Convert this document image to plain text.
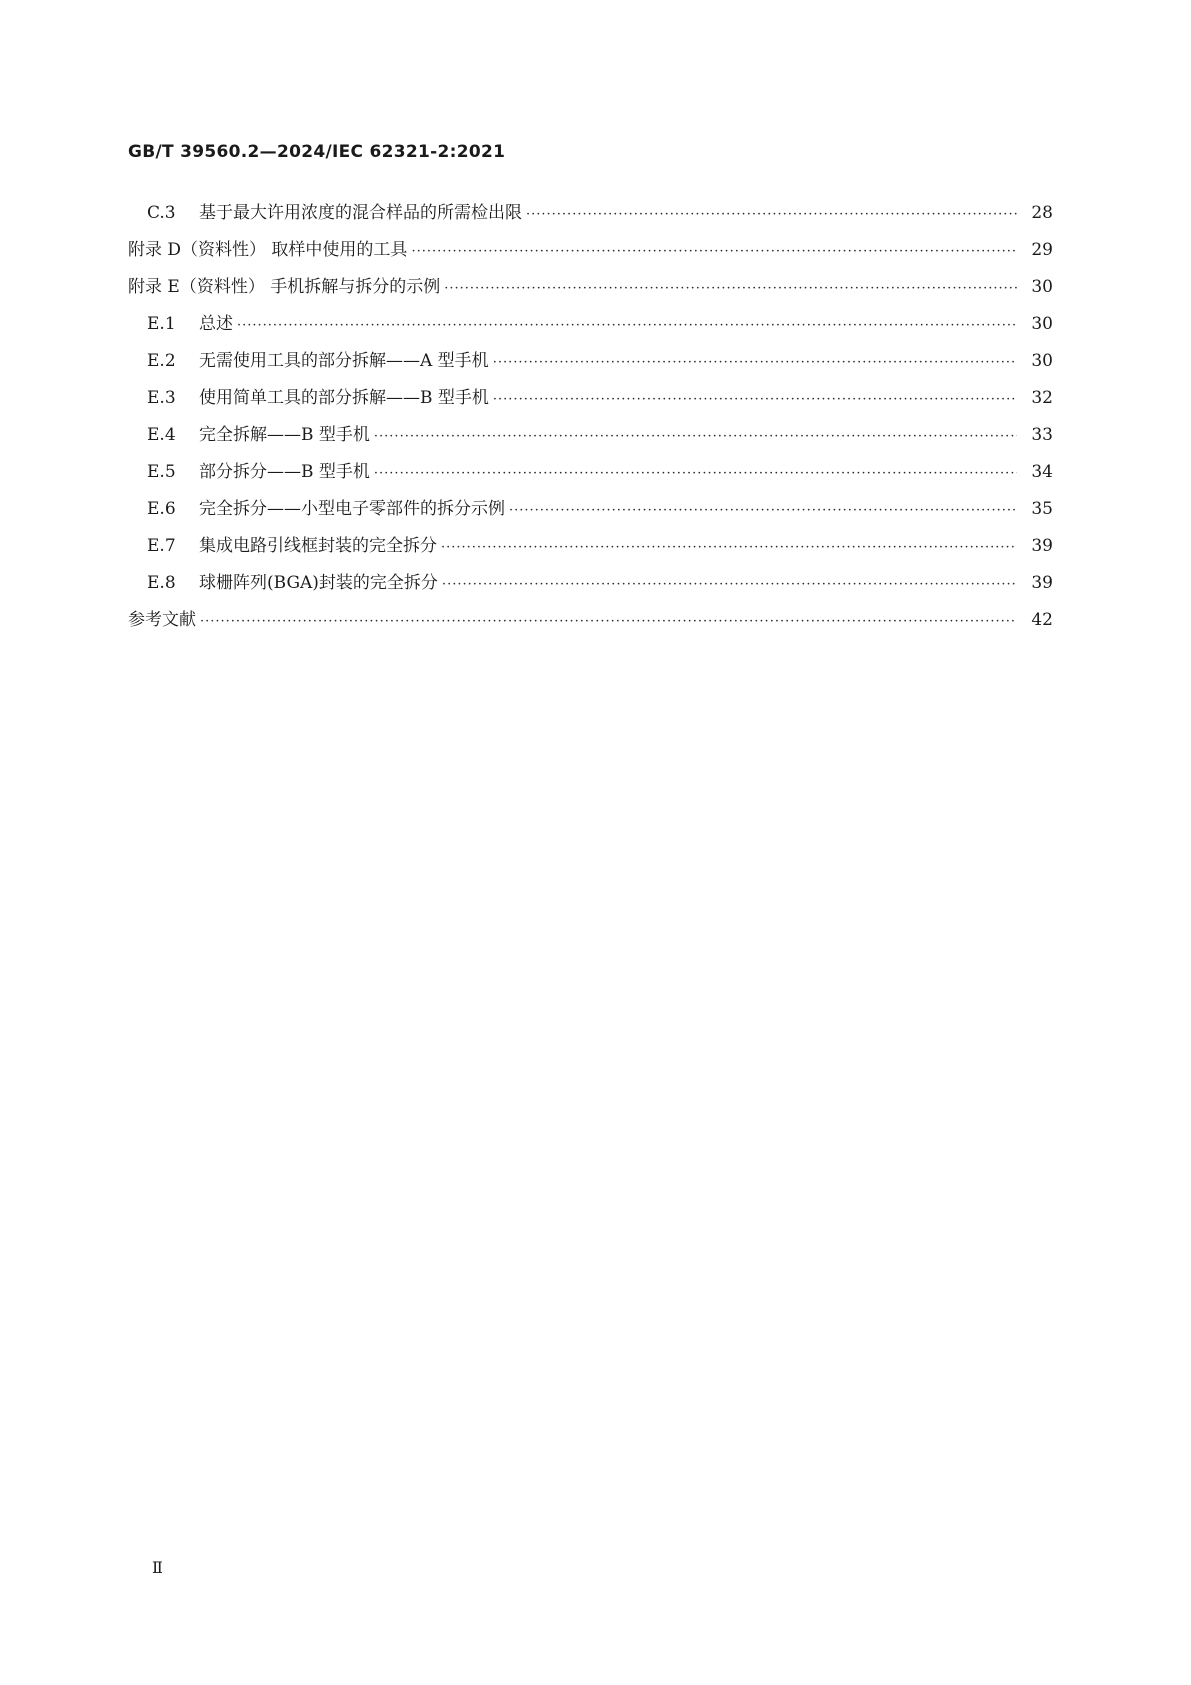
GB/T 39560.2—2024/IEC 62321-2:2021
C.3	基于最大许用浓度的混合样品的所需检出限 ·····	28
附录 D（资料性） 取样中使用的工具 ·····	29
附录 E（资料性） 手机拆解与拆分的示例 ·····	30
E.1	总述 ·····	30
E.2	无需使用工具的部分拆解——A 型手机 ·····	30
E.3	使用简单工具的部分拆解——B 型手机 ·····	32
E.4	完全拆解——B 型手机 ·····	33
E.5	部分拆分——B 型手机 ·····	34
E.6	完全拆分——小型电子零部件的拆分示例 ·····	35
E.7	集成电路引线框封装的完全拆分 ·····	39
E.8	球栅阵列(BGA)封装的完全拆分 ·····	39
参考文献 ·····	42
Ⅱ
